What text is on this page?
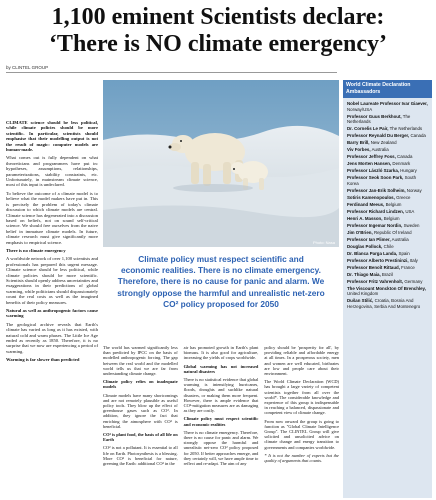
1,100 eminent Scientists declare:
‘There is NO climate emergency’
by CLINTEL GROUP

CLIMATE science should be less political, while climate policies should be more scientific. In particular, scientists should emphasise that their modelling output is not the result of magic: computer models are human-made.

What comes out is fully dependent on what theoreticians and programmers have put in: hypotheses, assumptions, relationships, parameterizations, stability constraints, etc. Unfortunately, in mainstream climate science, most of this input is undeclared.

To believe the outcome of a climate model is to believe what the model makers have put in. This is precisely the problem of today's climate discussion to which climate models are central. Climate science has degenerated into a discussion based on beliefs, not on sound self-critical science. We should free ourselves from the naive belief in immature climate models. In future, climate research must give significantly more emphasis to empirical science.

There is no climate emergency

A worldwide network of over 1,100 scientists and professionals has prepared this urgent message. Climate science should be less political, while climate policies should be more scientific. Scientists should openly address uncertainties and exaggerations in their predictions of global warming, while politicians should dispassionately count the real costs as well as the imagined benefits of their policy measures.

Natural as well as anthropogenic factors cause warming

The geological archive reveals that Earth's climate has varied as long as it has existed, with natural cold and warm phases. The Little Ice Age ended as recently as 1850. Therefore, it is no surprise that we now are experiencing a period of warming.

Warming is far slower than predicted

Photo: Nasa

Climate policy must respect scientific and

economic realities. There is no climate emergency.

Therefore, there is no cause for panic and alarm. We

strongly oppose the harmful and unrealistic net-zero

CO² policy proposed for 2050

The world has warmed significantly less than predicted by IPCC on the basis of modelled anthropogenic forcing. The gap between the real world and the modelled world tells us that we are far from understanding climate change.

Climate policy relies on inadequate models

Climate models have many shortcomings and are not remotely plausible as useful policy tools. They blow up the effect of greenhouse gases such as CO². In addition, they ignore the fact that enriching the atmosphere with CO² is beneficial.

CO² is plant food, the basis of all life on Earth

CO² is not a pollutant. It is essential to all life on Earth. Photosynthesis is a blessing. More CO² is beneficial for nature, greening the Earth: additional CO² in the

air has promoted growth in Earth's plant biomass. It is also good for agriculture, increasing the yields of crops worldwide.

Global warming has not increased natural disasters

There is no statistical evidence that global warming is intensifying hurricanes, floods, droughts and suchlike natural disasters, or making them more frequent. However, there is ample evidence that CO²-mitigation measures are as damaging as they are costly.

Climate policy must respect scientific and economic realities

There is no climate emergency. Therefore, there is no cause for panic and alarm. We strongly oppose the harmful and unrealistic net-zero CO² policy proposed for 2050. If better approaches emerge, and they certainly will, we have ample time to reflect and re-adapt. The aim of any

policy should be 'prosperity for all', by providing reliable and affordable energy at all times. In a prosperous society, men and women are well educated, birthrates are low and people care about their environment.

The World Climate Declaration (WCD) has brought a large variety of competent scientists together from all over the world*. The considerable knowledge and experience of this group is indispensable in reaching a balanced, dispassionate and competent view of climate change.

From now onward the group is going to function as "Global Climate Intelligence Group". The CLINTEL Group will give solicited and unsolicited advice on climate change and energy transition to governments and companies worldwide.

* It is not the number of experts but the quality of arguments that counts.

World Climate Declaration Ambassadors
Nobel Laureate Professor Ivar Giaever, Norway/USA
Professor Guus Berkhout, The Netherlands
Dr. Cornelis Le Pair, The Netherlands
Professor Reynald Du Berger, Canada
Barry Brill, New Zealand
Viv Forbes, Australia
Professor Jeffrey Foss, Canada
Jens Morten Hansen, Denmark
Professor László Szarka, Hungary
Professor Seok Soon Park, South Korea
Professor Jan-Erik Solheim, Norway
Sotiris Kamenopoulos, Greece
Ferdinand Meeus, Belgium
Professor Richard Lindzen, USA
Henri A. Masson, Belgium
Professor Ingemar Nordin, Sweden
Jim O'Brien, Republic Of Ireland
Professor Ian Plimer, Australia
Douglas Pollock, Chile
Dr. Blanca Parga Landa, Spain
Professor Alberto Prestininzi, Italy
Professor Benoît Rittaud, France
Dr. Thiago Maia, Brazil
Professor Fritz Vahrenholt, Germany
The Viscount Monckton Of Brenchley, United Kingdom
Dušan Stilić, Croatia, Bosnia And Herzegovina, Serbia And Montenegro
